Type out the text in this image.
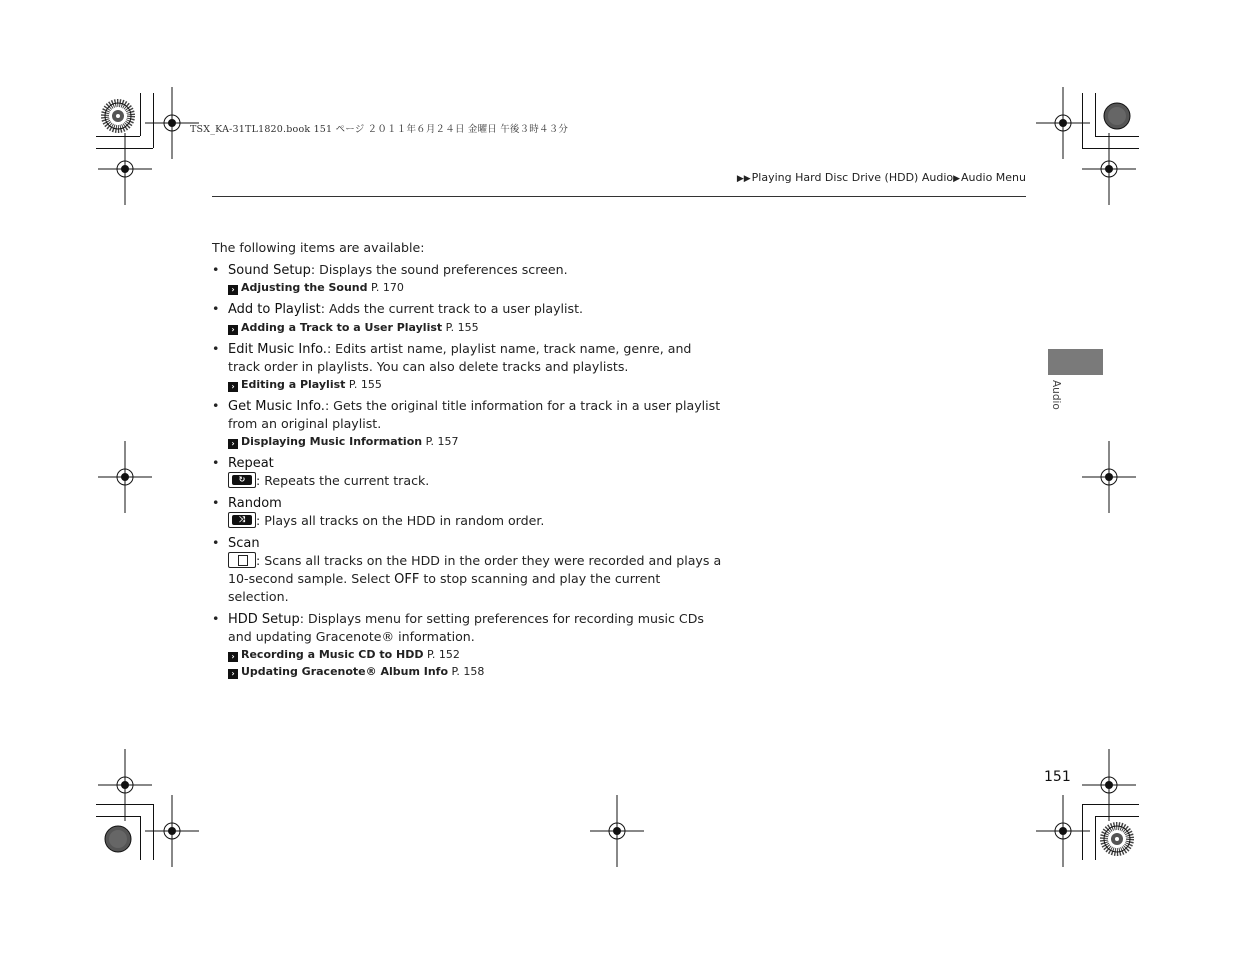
TSX_KA-31TL1820.book 151 ページ ２０１１年６月２４日 金曜日 午後３時４３分
▶▶Playing Hard Disc Drive (HDD) Audio▶Audio Menu

The following items are available:

• Sound Setup: Displays the sound preferences screen.
› Adjusting the Sound P. 170
• Add to Playlist: Adds the current track to a user playlist.
› Adding a Track to a User Playlist P. 155
• Edit Music Info.: Edits artist name, playlist name, track name, genre, and track order in playlists. You can also delete tracks and playlists.
› Editing a Playlist P. 155
• Get Music Info.: Gets the original title information for a track in a user playlist from an original playlist.
› Displaying Music Information P. 157
• Repeat
↻ : Repeats the current track.
• Random
⤨ : Plays all tracks on the HDD in random order.
• Scan
: Scans all tracks on the HDD in the order they were recorded and plays a 10-second sample. Select OFF to stop scanning and play the current selection.
• HDD Setup: Displays menu for setting preferences for recording music CDs and updating Gracenote® information.
› Recording a Music CD to HDD P. 152
› Updating Gracenote® Album Info P. 158
Audio
151
